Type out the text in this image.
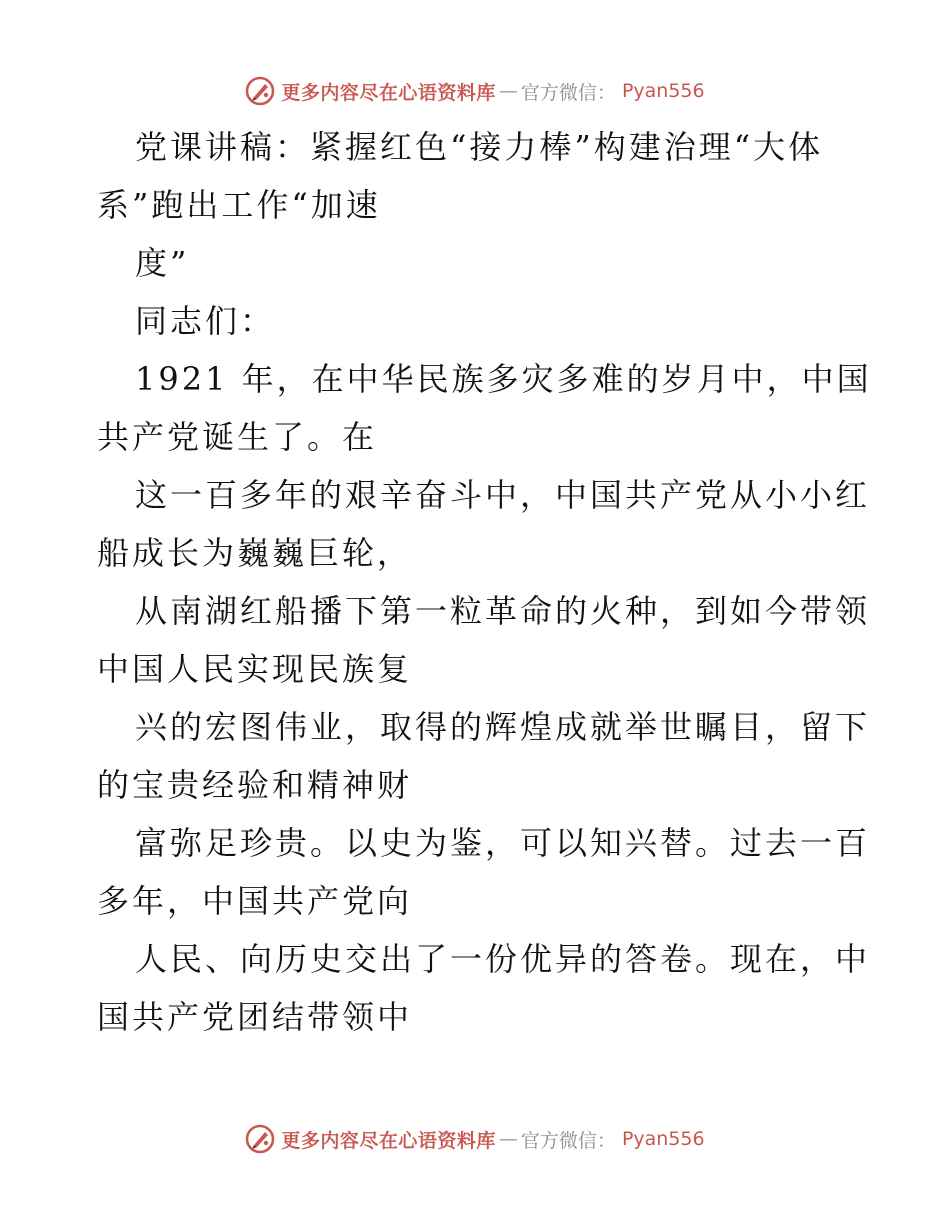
更多内容尽在心语资料库 — 官方微信 ： Pyan556
党课讲稿：紧握红色“接力棒”构建治理“大体
系”跑出工作“加速
度”
同志们：
1921 年，在中华民族多灾多难的岁月中，中国
共产党诞生了。在
这一百多年的艰辛奋斗中，中国共产党从小小红
船成长为巍巍巨轮，
从南湖红船播下第一粒革命的火种，到如今带领
中国人民实现民族复
兴的宏图伟业，取得的辉煌成就举世瞩目，留下
的宝贵经验和精神财
富弥足珍贵。以史为鉴，可以知兴替。过去一百
多年，中国共产党向
人民、向历史交出了一份优异的答卷。现在，中
国共产党团结带领中
更多内容尽在心语资料库 — 官方微信 ： Pyan556
